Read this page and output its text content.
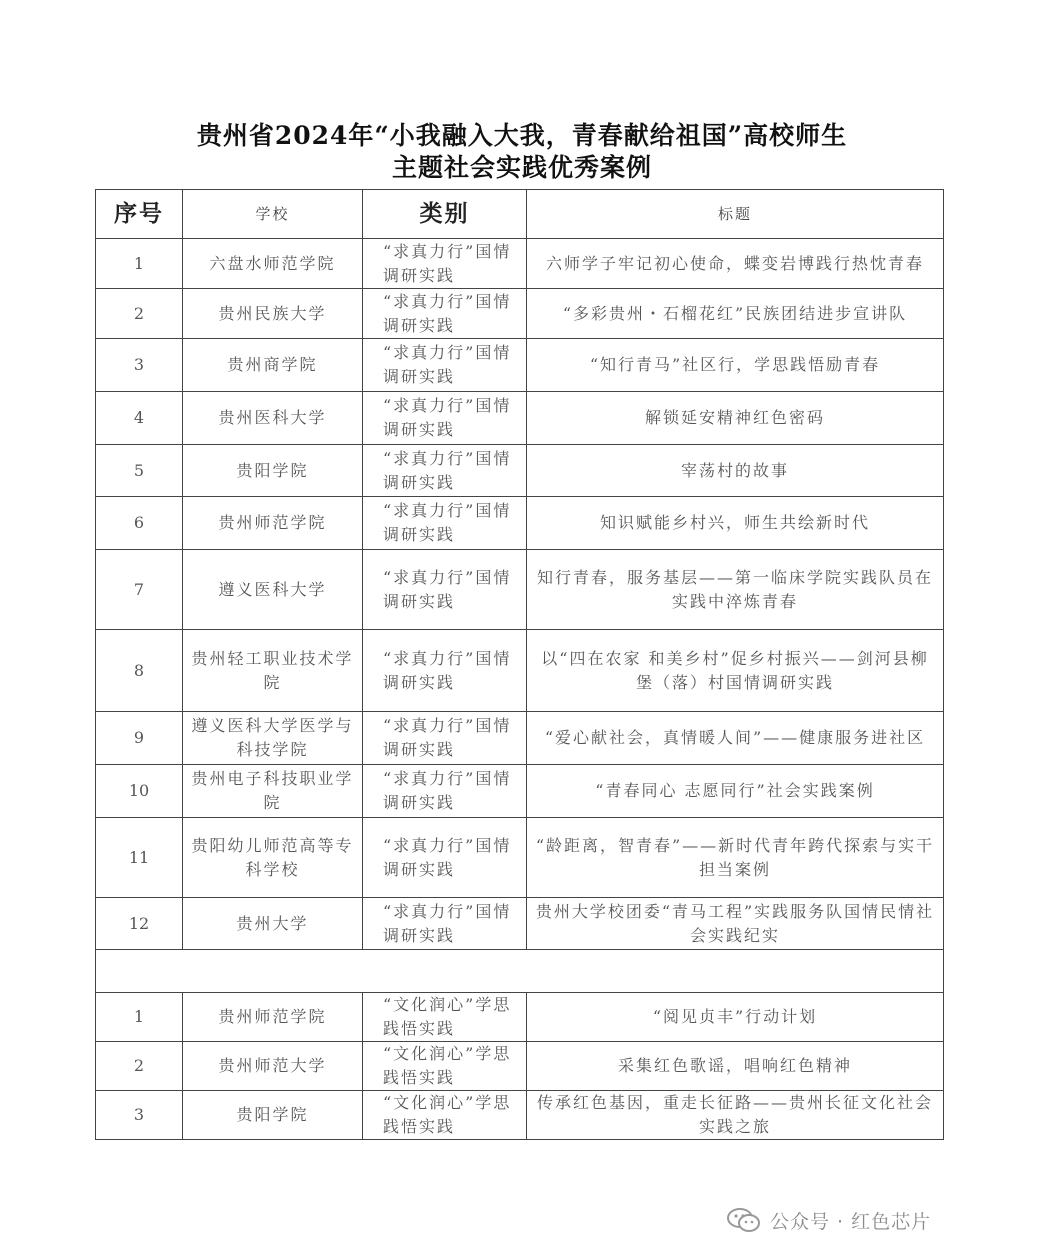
贵州省2024年“小我融入大我，青春献给祖国”高校师生
主题社会实践优秀案例
序号	学校	类别	标题
1	六盘水师范学院	“求真力行”国情调研实践	六师学子牢记初心使命，蝶变岩博践行热忱青春
2	贵州民族大学	“求真力行”国情调研实践	“多彩贵州・石榴花红”民族团结进步宣讲队
3	贵州商学院	“求真力行”国情调研实践	“知行青马”社区行，学思践悟励青春
4	贵州医科大学	“求真力行”国情调研实践	解锁延安精神红色密码
5	贵阳学院	“求真力行”国情调研实践	宰荡村的故事
6	贵州师范学院	“求真力行”国情调研实践	知识赋能乡村兴，师生共绘新时代
7	遵义医科大学	“求真力行”国情调研实践	知行青春，服务基层——第一临床学院实践队员在实践中淬炼青春
8	贵州轻工职业技术学院	“求真力行”国情调研实践	以“四在农家 和美乡村”促乡村振兴——剑河县柳堡（落）村国情调研实践
9	遵义医科大学医学与科技学院	“求真力行”国情调研实践	“爱心献社会，真情暖人间”——健康服务进社区
10	贵州电子科技职业学院	“求真力行”国情调研实践	“青春同心 志愿同行”社会实践案例
11	贵阳幼儿师范高等专科学校	“求真力行”国情调研实践	“龄距离，智青春”——新时代青年跨代探索与实干担当案例
12	贵州大学	“求真力行”国情调研实践	贵州大学校团委“青马工程”实践服务队国情民情社会实践纪实

1	贵州师范学院	“文化润心”学思践悟实践	“阅见贞丰”行动计划
2	贵州师范大学	“文化润心”学思践悟实践	采集红色歌谣，唱响红色精神
3	贵阳学院	“文化润心”学思践悟实践	传承红色基因，重走长征路——贵州长征文化社会实践之旅
公众号 · 红色芯片
